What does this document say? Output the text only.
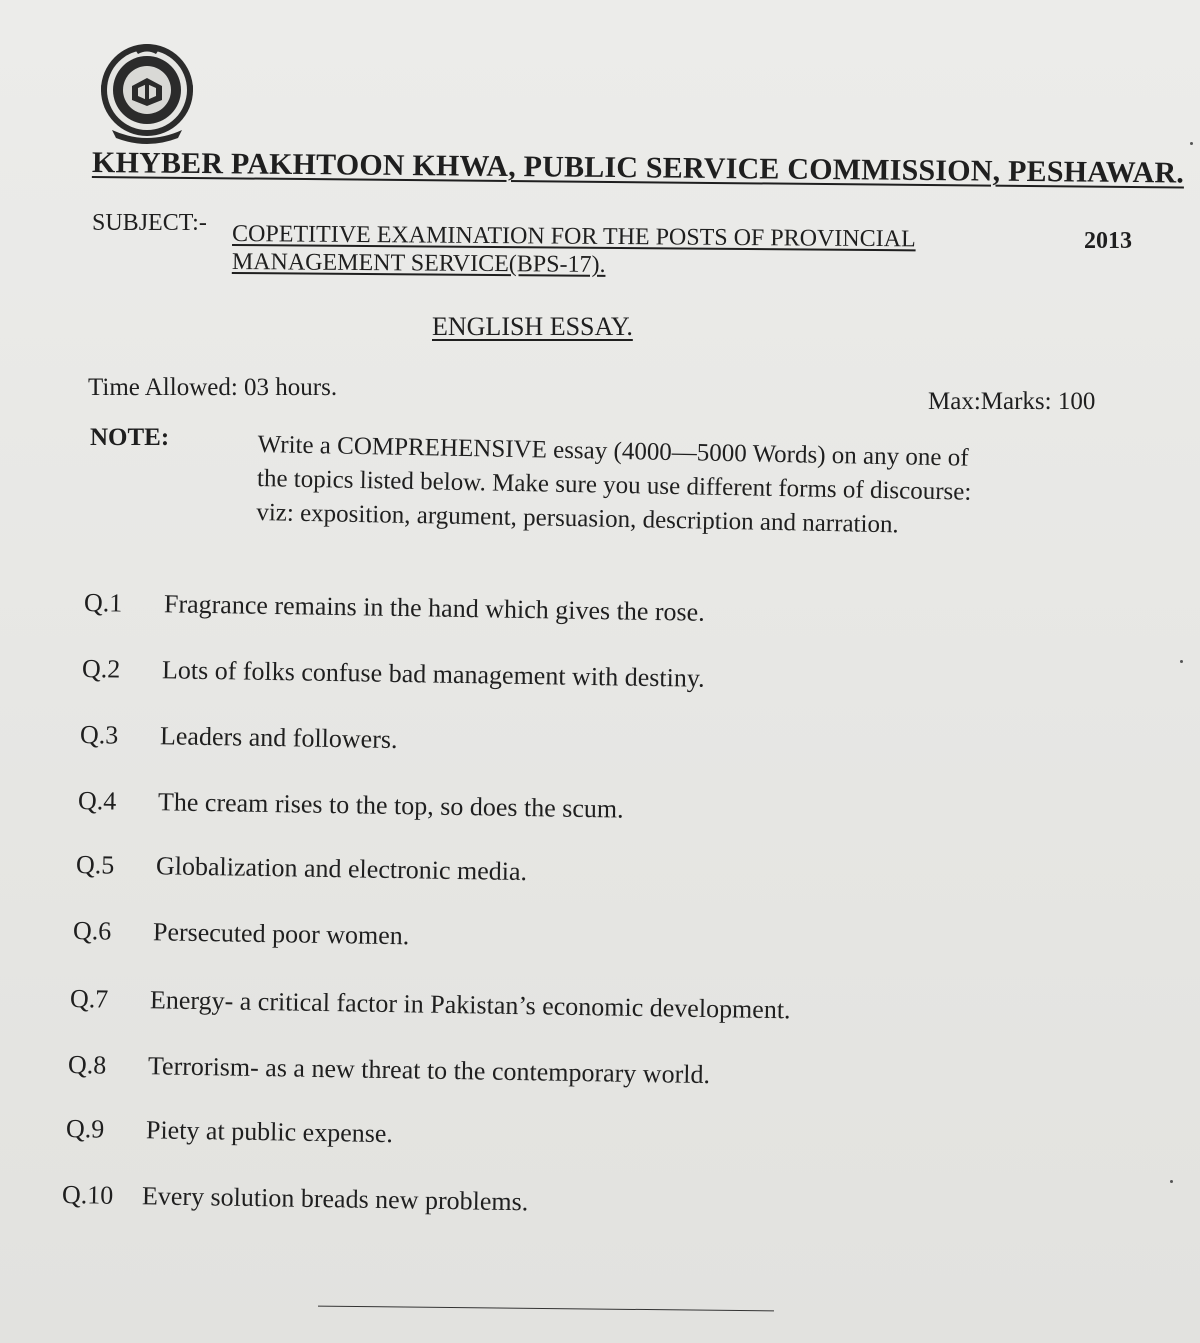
KHYBER PAKHTOON KHWA, PUBLIC SERVICE COMMISSION, PESHAWAR.
SUBJECT:- COPETITIVE EXAMINATION FOR THE POSTS OF PROVINCIAL
MANAGEMENT SERVICE(BPS-17).
2013
ENGLISH ESSAY.
Time Allowed: 03 hours.
Max:Marks: 100
NOTE:	Write a COMPREHENSIVE essay (4000—5000 Words) on any one of
the topics listed below. Make sure you use different forms of discourse:
viz: exposition, argument, persuasion, description and narration.
Q.1 Fragrance remains in the hand which gives the rose.
Q.2 Lots of folks confuse bad management with destiny.
Q.3 Leaders and followers.
Q.4 The cream rises to the top, so does the scum.
Q.5 Globalization and electronic media.
Q.6 Persecuted poor women.
Q.7 Energy- a critical factor in Pakistan’s economic development.
Q.8 Terrorism- as a new threat to the contemporary world.
Q.9 Piety at public expense.
Q.10 Every solution breads new problems.
